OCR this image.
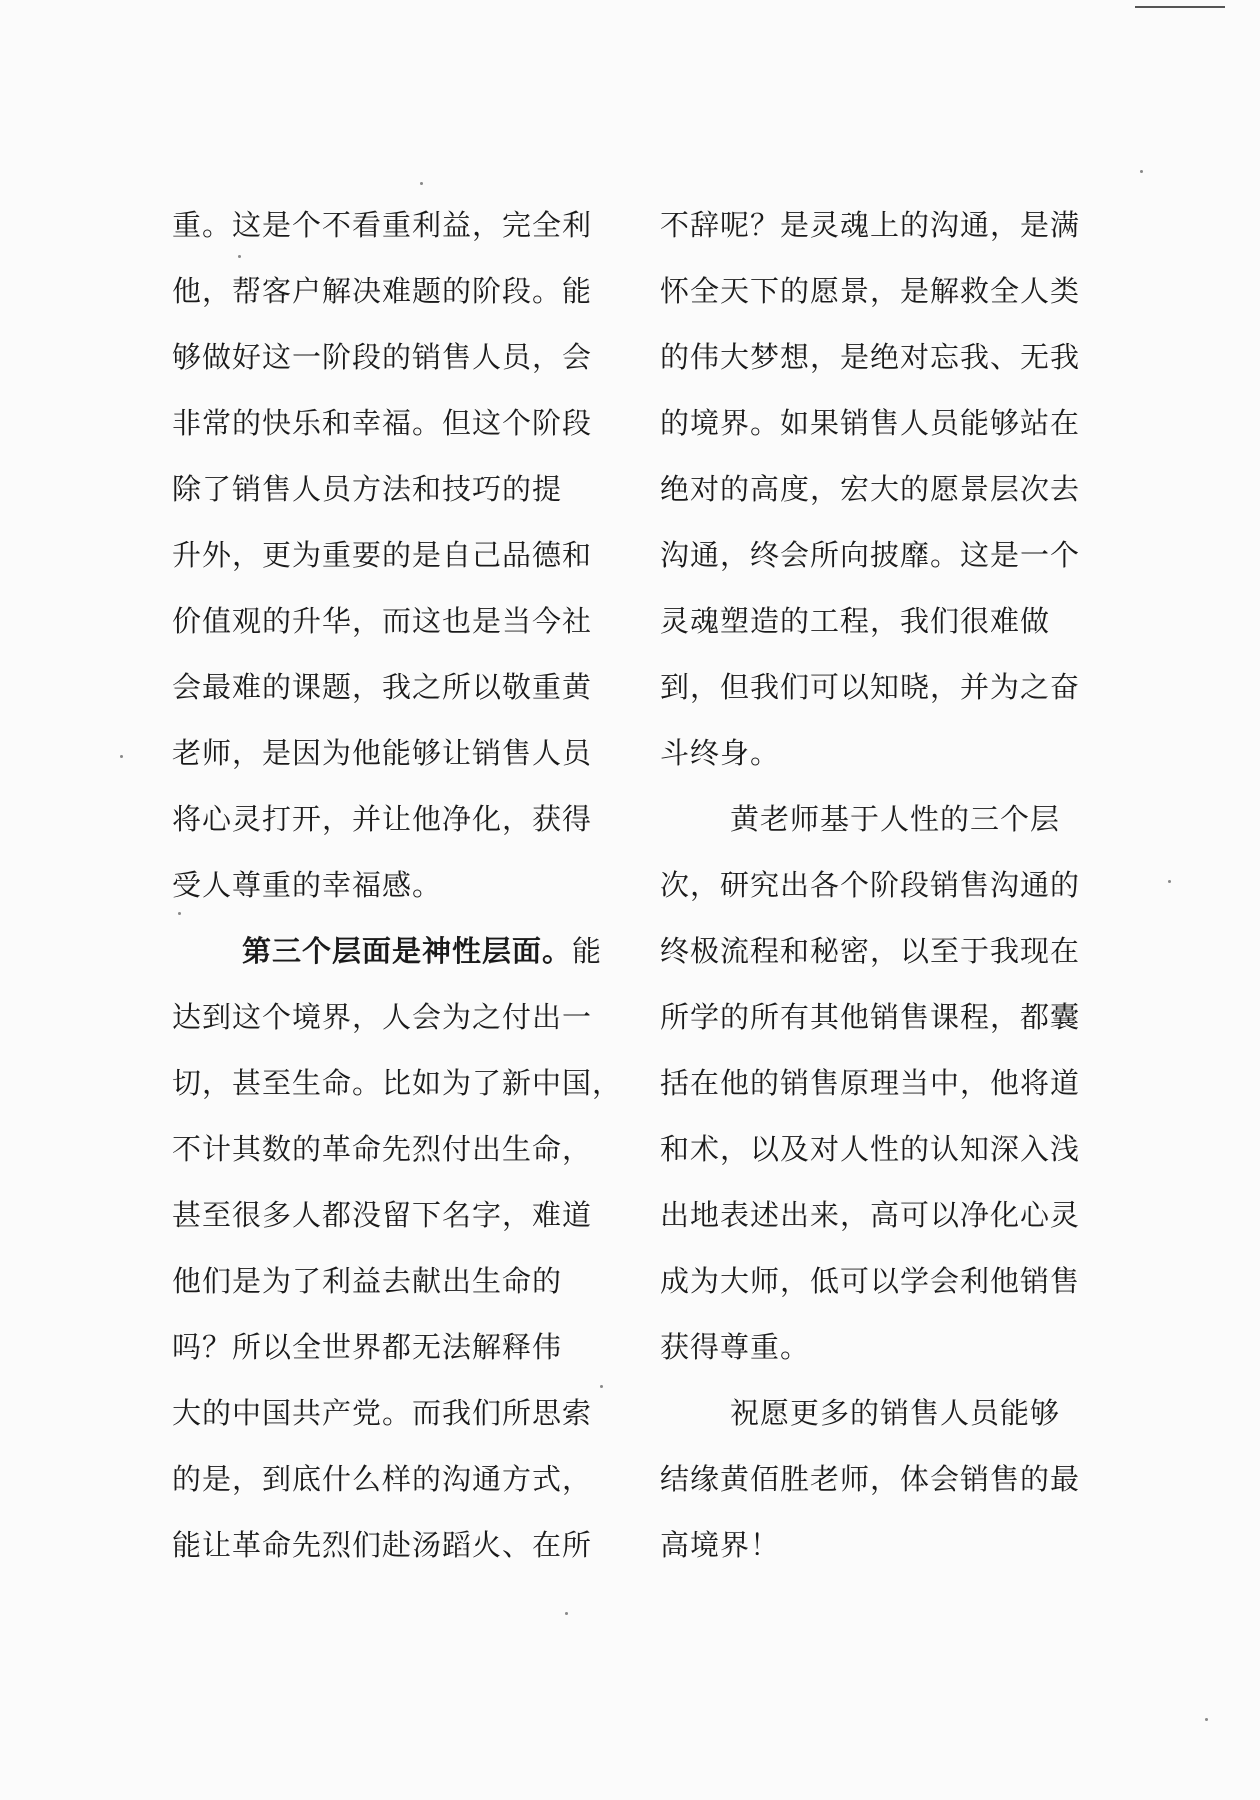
重。这是个不看重利益，完全利
他，帮客户解决难题的阶段。能
够做好这一阶段的销售人员，会
非常的快乐和幸福。但这个阶段
除了销售人员方法和技巧的提
升外，更为重要的是自己品德和
价值观的升华，而这也是当今社
会最难的课题，我之所以敬重黄
老师，是因为他能够让销售人员
将心灵打开，并让他净化，获得
受人尊重的幸福感。
第三个层面是神性层面。能
达到这个境界，人会为之付出一
切，甚至生命。比如为了新中国，
不计其数的革命先烈付出生命，
甚至很多人都没留下名字，难道
他们是为了利益去献出生命的
吗？所以全世界都无法解释伟
大的中国共产党。而我们所思索
的是，到底什么样的沟通方式，
能让革命先烈们赴汤蹈火、在所
不辞呢？是灵魂上的沟通，是满
怀全天下的愿景，是解救全人类
的伟大梦想，是绝对忘我、无我
的境界。如果销售人员能够站在
绝对的高度，宏大的愿景层次去
沟通，终会所向披靡。这是一个
灵魂塑造的工程，我们很难做
到，但我们可以知晓，并为之奋
斗终身。
黄老师基于人性的三个层
次，研究出各个阶段销售沟通的
终极流程和秘密，以至于我现在
所学的所有其他销售课程，都囊
括在他的销售原理当中，他将道
和术，以及对人性的认知深入浅
出地表述出来，高可以净化心灵
成为大师，低可以学会利他销售
获得尊重。
祝愿更多的销售人员能够
结缘黄佰胜老师，体会销售的最
高境界！
